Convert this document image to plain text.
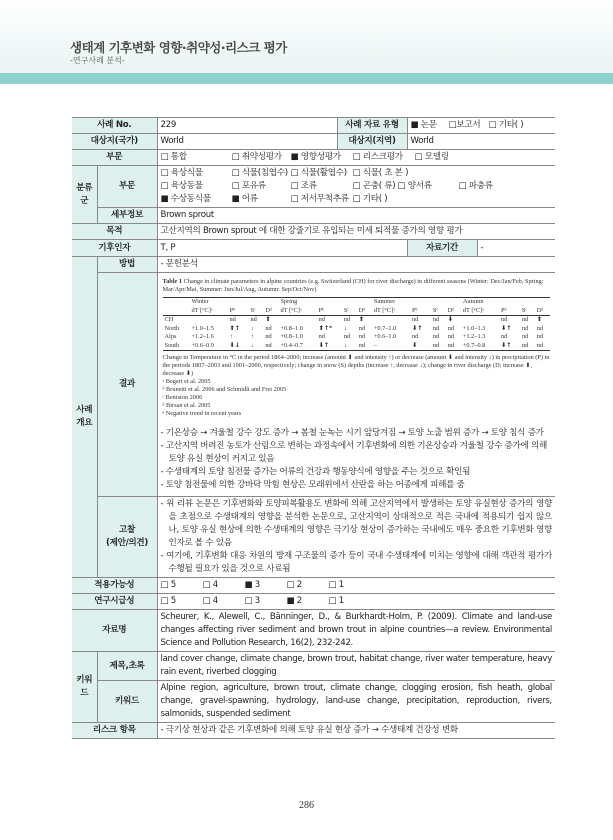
생태계 기후변화 영향·취약성·리스크 평가
-연구사례 분석-
사례 No.	229	사례 자료 유형	■ 논문 □보고서 □ 기타( )
대상지(국가)	World	대상지(지역)	World
부문	□ 통합	□ 취약성평가 ■ 영향성평가 □ 리스크평가 □ 모델링
분류군	부문	
□ 육상식물	□ 식물(침엽수) □ 식물(활엽수) □ 식물( 초 본 )
□ 육상동물	□ 포유류	□ 조류	□ 곤충( 류) □ 양서류	□ 파충류
■ 수상동식물 ■ 어류	□ 저서무척추류 □ 기타( )

세부정보	Brown sprout
목적	고산지역의 Brown sprout 에 대한 강줄기로 유입되는 미세 퇴적물 증가의 영향 평가
기후인자	T, P	자료기간	-
사례
개요	방법	- 문헌분석
결과	
Table 1 Change in climate parameters in alpine countries (e.g. Switzerland (CH) for river discharge) in different seasons (Winter: Dec/Jan/Feb, Spring: Mar/Apr/Mai, Summer: Jun/Jul/Aug, Autumn: Sep/Oct/Nov)
	Winter	Spring	Summer	Autumn
	dT [°C]ᵃ	Pᵇ	Sᶜ	Dᵈ	dT [°C]ᵃ	Pᵇ	Sᶜ	Dᵈ	dT [°C]ᵃ	Pᵇ	Sᶜ	Dᵈ	dT [°C]ᵃ	Pᵈ	Sᶜ	Dᵈ
CH		nd	nd	⬆		nd	nd	⬆		nd	nd	⬇		nd	nd	⬆
North	+1.0–1.5	⬆↑	↓	nd	+0.8–1.0	⬆↑ᵉ	↓	nd	+0.7–1.0	⬇↑	nd	nd	+1.0–1.3	⬇↑	nd	nd
Alps	+1.2–1.6	↑	↑	nd	+0.8–1.0	nd	nd	nd	+0.6–1.0	nd	nd	nd	+1.2–1.3	nd	nd	nd
South	+0.6–0.9	⬇↓	↓	nd	+0.4–0.7	⬇↑	↓	nd	–	⬇	nd	nd	+0.7–0.8	⬇↑	nd	nd
Change in Temperature in °C in the period 1864–2000; increase (amount ⬆ and intensity ↑) or decrease (amount ⬇ and intensity ↓) in precipitation (P) in the periods 1807–2003 and 1901–2000, respectively; change in snow (S) depths (increase ↑, decrease ↓); change in river discharge (D; increase ⬆, decrease ⬇)
ᵃ Begert et al. 2005
ᵇ Brunetti et al. 2006 and Schmidli and Frei 2005
ᶜ Beniston 2006
ᵈ Birsan et al. 2005
ᵉ Negative trend in recent years
- 기온상승 → 겨울철 강수 강도 증가 → 봄철 눈녹는 시기 앞당겨짐 → 토양 노출 범위 증가 → 토양 침식 증가
- 고산지역 버려진 농토가 산림으로 변하는 과정속에서 기후변화에 의한 기온상승과 겨울철 강수 증가에 의해 토양 유실 현상이 커지고 있음
- 수생태계의 토양 침전물 증가는 어류의 건강과 행동양식에 영향을 주는 것으로 확인됨
- 토양 침전물에 의한 강바닥 막힘 현상은 모래위에서 산란을 하는 어종에게 피해를 줌

고찰
(제안/의견)	
- 위 리뷰 논문은 기후변화와 토양피복활용도 변화에 의해 고산지역에서 발생하는 토양 유실현상 증가의 영향을 초점으로 수생태계의 영향을 분석한 논문으로, 고산지역이 상대적으로 적은 국내에 적용되기 쉽지 않으나, 토양 유실 현상에 의한 수생태계의 영향은 극기상 현상이 증가하는 국내에도 매우 중요한 기후변화 영향 인자로 볼 수 있음
- 여기에, 기후변화 대응 차원의 방재 구조물의 증가 등이 국내 수생태계에 미치는 영향에 대해 객관적 평가가 수행될 필요가 있을 것으로 사료됨

적용가능성	□ 5	□ 4	■ 3	□ 2	□ 1
연구시급성	□ 5	□ 4	□ 3	■ 2	□ 1
자료명	Scheurer, K., Alewell, C., Bänninger, D., & Burkhardt-Holm, P. (2009). Climate and land-use changes affecting river sediment and brown trout in alpine countries—a review. Environmental Science and Pollution Research, 16(2), 232-242.
키워드	제목,초록	land cover change, climate change, brown trout, habitat change, river water temperature, heavy rain event, riverbed clogging
키워드	Alpine region, agriculture, brown trout, climate change, clogging erosion, fish heath, global change, gravel-spawning, hydrology, land-use change, precipitation, reproduction, rivers, salmonids, suspended sediment
리스크 항목	- 극기상 현상과 같은 기후변화에 의해 토양 유실 현상 증가 → 수생태계 건강성 변화
286
